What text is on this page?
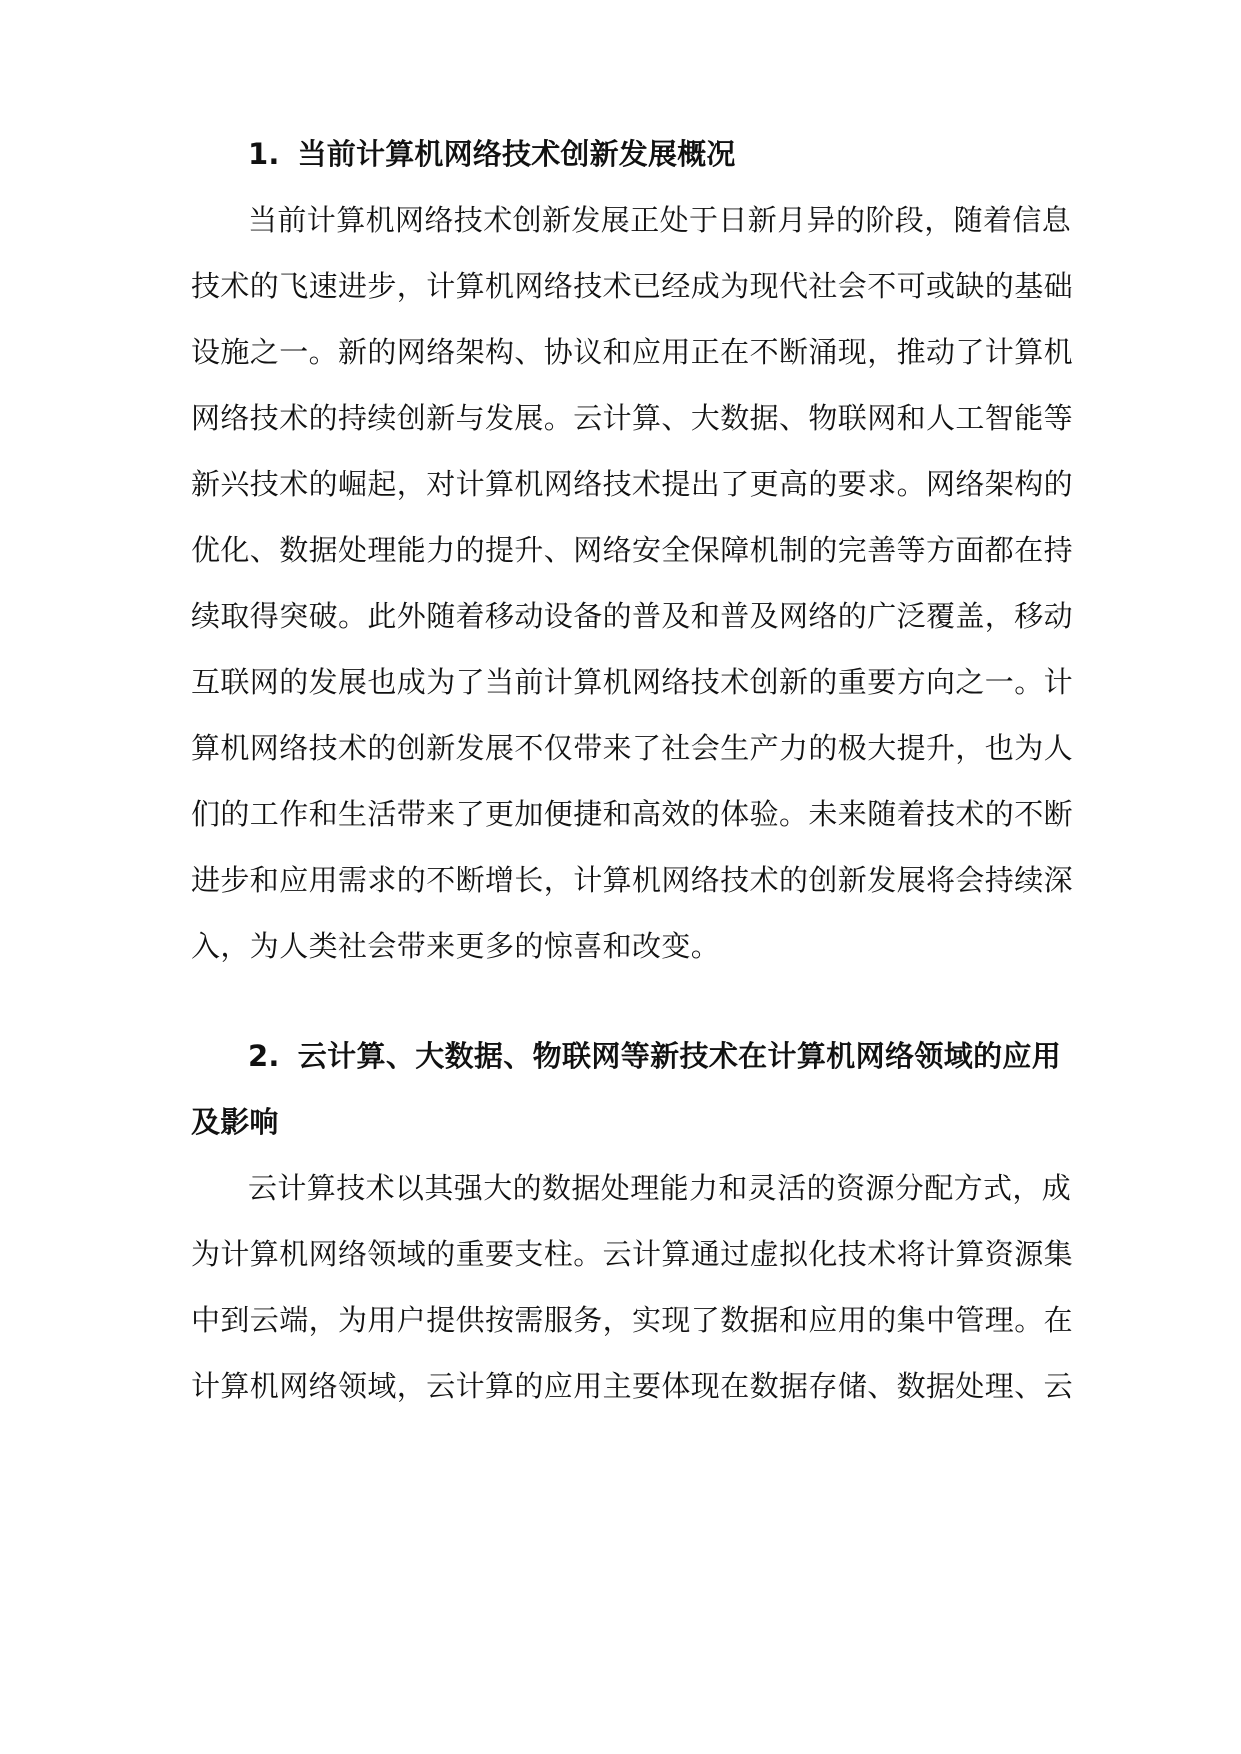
1. 当前计算机网络技术创新发展概况
当前计算机网络技术创新发展正处于日新月异的阶段，随着信息
技术的飞速进步，计算机网络技术已经成为现代社会不可或缺的基础
设施之一。新的网络架构、协议和应用正在不断涌现，推动了计算机
网络技术的持续创新与发展。云计算、大数据、物联网和人工智能等
新兴技术的崛起，对计算机网络技术提出了更高的要求。网络架构的
优化、数据处理能力的提升、网络安全保障机制的完善等方面都在持
续取得突破。此外随着移动设备的普及和普及网络的广泛覆盖，移动
互联网的发展也成为了当前计算机网络技术创新的重要方向之一。计
算机网络技术的创新发展不仅带来了社会生产力的极大提升，也为人
们的工作和生活带来了更加便捷和高效的体验。未来随着技术的不断
进步和应用需求的不断增长，计算机网络技术的创新发展将会持续深
入，为人类社会带来更多的惊喜和改变。
2. 云计算、大数据、物联网等新技术在计算机网络领域的应用
及影响
云计算技术以其强大的数据处理能力和灵活的资源分配方式，成
为计算机网络领域的重要支柱。云计算通过虚拟化技术将计算资源集
中到云端，为用户提供按需服务，实现了数据和应用的集中管理。在
计算机网络领域，云计算的应用主要体现在数据存储、数据处理、云
